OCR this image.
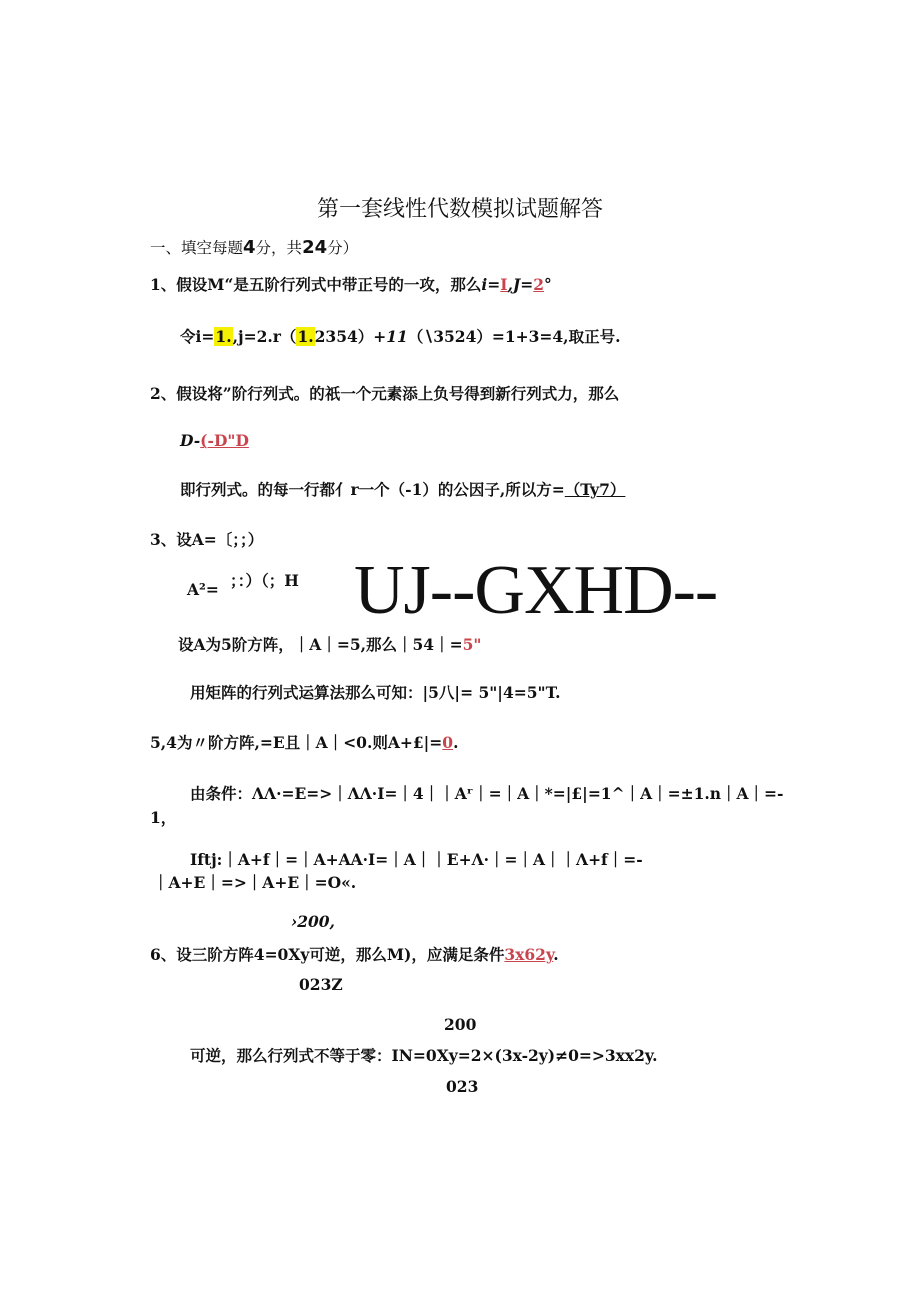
第一套线性代数模拟试题解答
一、填空每题4分，共24分）
1、假设M“是五阶行列式中带正号的一攻，那么i=I,J=2°
令i=1.,j=2.r（1.2354）+11（∖3524）=1+3=4,取正号.
2、假设将”阶行列式。的祇一个元素添上负号得到新行列式力，那么
D-(-D"D
即行列式。的每一行都亻r一个（-1）的公因子,所以方=（Ty7）
3、设A=〔；；）
A²= ；：）（；H UJ--GXHD--
设A为5阶方阵，｜A｜=5,那么｜54｜=5"
用矩阵的行列式运算法那么可知：|5八|= 5"|4=5"T.
5,4为〃阶方阵,=E且｜A｜<0.则A+£|=0.
由条件：ΛΛ·=E=>｜ΛΛ·I=｜4｜｜Aʳ｜=｜A｜*=|£|=1^｜A｜=±1.n｜A｜=-
1，
Iftj:｜A+f｜=｜A+AA·I=｜A｜｜E+Λ·｜=｜A｜｜Λ+f｜=-
｜A+E｜=>｜A+E｜=O«.
›200,
6、设三阶方阵4=0Xy可逆，那么M)，应满足条件3x62y.
023Z
200
可逆，那么行列式不等于零：IN=0Xy=2×(3x-2y)≠0=>3xx2y.
023
